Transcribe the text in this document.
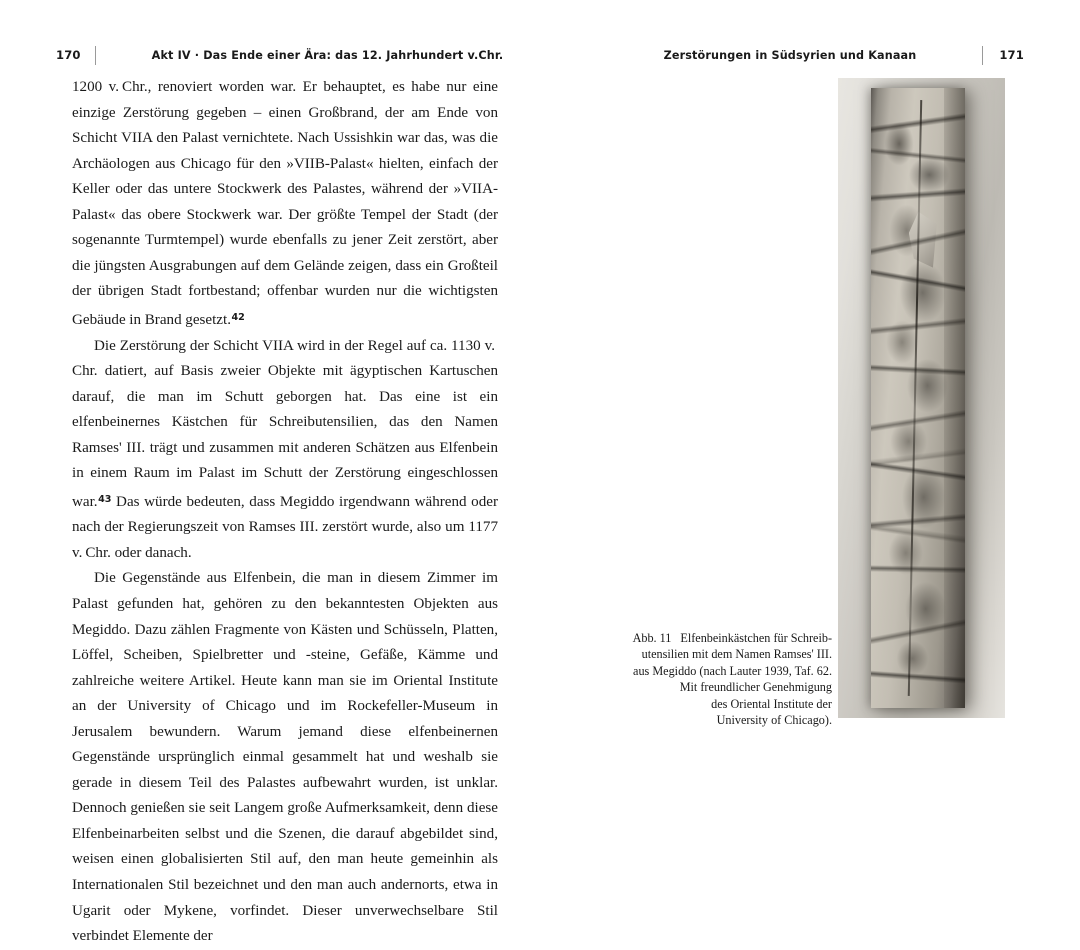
170	Akt IV · Das Ende einer Ära: das 12. Jahrhundert v.Chr.	Zerstörungen in Südsyrien und Kanaan	171

1200 v. Chr., renoviert worden war. Er behauptet, es habe nur eine einzige Zerstörung gegeben – einen Großbrand, der am Ende von Schicht VIIA den Palast vernichtete. Nach Ussishkin war das, was die Archäologen aus Chicago für den »VIIB-Palast« hielten, einfach der Keller oder das untere Stockwerk des Palastes, während der »VIIA-Palast« das obere Stockwerk war. Der größte Tempel der Stadt (der sogenannte Turmtempel) wurde ebenfalls zu jener Zeit zerstört, aber die jüngsten Ausgrabungen auf dem Gelände zeigen, dass ein Großteil der übrigen Stadt fortbestand; offenbar wurden nur die wichtigsten Gebäude in Brand gesetzt.$^{42}$

Die Zerstörung der Schicht VIIA wird in der Regel auf ca. 1130 v. Chr. datiert, auf Basis zweier Objekte mit ägyptischen Kartuschen darauf, die man im Schutt geborgen hat. Das eine ist ein elfenbeinernes Kästchen für Schreibutensilien, das den Namen Ramses' III. trägt und zusammen mit anderen Schätzen aus Elfenbein in einem Raum im Palast im Schutt der Zerstörung eingeschlossen war.$^{43}$ Das würde bedeuten, dass Megiddo irgendwann während oder nach der Regierungszeit von Ramses III. zerstört wurde, also um 1177 v. Chr. oder danach.

Die Gegenstände aus Elfenbein, die man in diesem Zimmer im Palast gefunden hat, gehören zu den bekanntesten Objekten aus Megiddo. Dazu zählen Fragmente von Kästen und Schüsseln, Platten, Löffel, Scheiben, Spielbretter und -steine, Gefäße, Kämme und zahlreiche weitere Artikel. Heute kann man sie im Oriental Institute an der University of Chicago und im Rockefeller-Museum in Jerusalem bewundern. Warum jemand diese elfenbeinernen Gegenstände ursprünglich einmal gesammelt hat und weshalb sie gerade in diesem Teil des Palastes aufbewahrt wurden, ist unklar. Dennoch genießen sie seit Langem große Aufmerksamkeit, denn diese Elfenbeinarbeiten selbst und die Szenen, die darauf abgebildet sind, weisen einen globalisierten Stil auf, den man heute gemeinhin als Internationalen Stil bezeichnet und den man auch andernorts, etwa in Ugarit oder Mykene, vorfindet. Dieser unverwechselbare Stil verbindet Elemente der

Abb. 11 Elfenbeinkästchen für Schreib-
utensilien mit dem Namen Ramses' III.
aus Megiddo (nach Lauter 1939, Taf. 62.
Mit freundlicher Genehmigung
des Oriental Institute der
University of Chicago).
